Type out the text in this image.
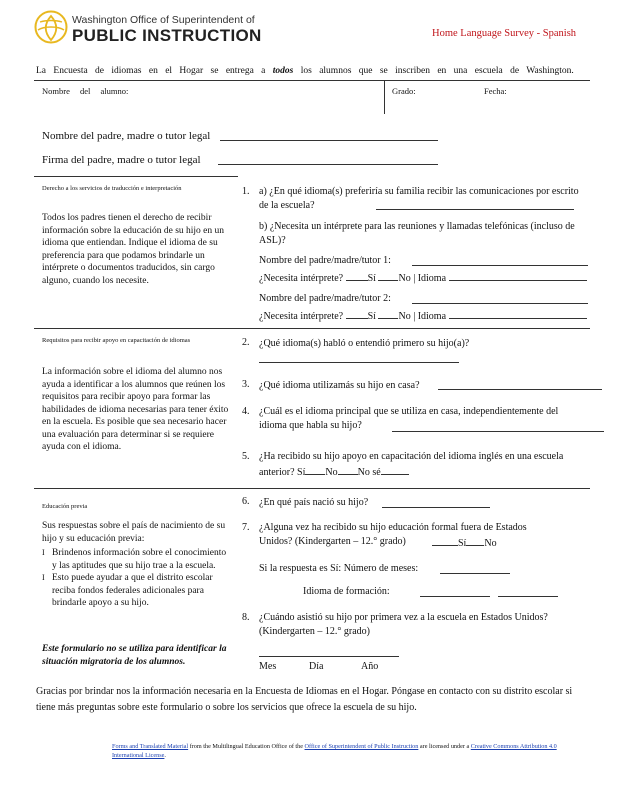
Washington Office of Superintendent of
PUBLIC INSTRUCTION	Home Language Survey - Spanish
La Encuesta de idiomas en el Hogar se entrega a todos los alumnos que se inscriben en una escuela de Washington.
Nombre del alumno:	Grado:	Fecha:
Nombre del padre, madre o tutor legal
Firma del padre, madre o tutor legal
Derecho a los servicios de traducción e interpretación
Todos los padres tienen el derecho de recibir información sobre la educación de su hijo en un idioma que entiendan. Indique el idioma de su preferencia para que podamos brindarle un intérprete o documentos traducidos, sin cargo alguno, cuando los necesite.
1. a) ¿En qué idioma(s) preferiría su familia recibir las comunicaciones por escrito de la escuela?
b) ¿Necesita un intérprete para las reuniones y llamadas telefónicas (incluso de ASL)?
Nombre del padre/madre/tutor 1:
¿Necesita intérprete? Sí No | Idioma
Nombre del padre/madre/tutor 2:
¿Necesita intérprete? Sí No | Idioma
Requisitos para recibir apoyo en capacitación de idiomas
La información sobre el idioma del alumno nos ayuda a identificar a los alumnos que reúnen los requisitos para recibir apoyo para formar las habilidades de idioma necesarias para tener éxito en la escuela. Es posible que sea necesario hacer una evaluación para determinar si se requiere ayuda con el idioma.
2. ¿Qué idioma(s) habló o entendió primero su hijo(a)?
3. ¿Qué idioma utilizamás su hijo en casa?
4. ¿Cuál es el idioma principal que se utiliza en casa, independientemente del idioma que habla su hijo?
5. ¿Ha recibido su hijo apoyo en capacitación del idioma inglés en una escuela anterior? Sí No No sé
Educación previa
Sus respuestas sobre el país de nacimiento de su hijo y su educación previa:
I Brindenos información sobre el conocimiento y las aptitudes que su hijo trae a la escuela.
I Esto puede ayudar a que el distrito escolar reciba fondos federales adicionales para brindarle apoyo a su hijo.
Este formulario no se utiliza para identificar la situación migratoria de los alumnos.
6. ¿En qué país nació su hijo?
7. ¿Alguna vez ha recibido su hijo educación formal fuera de Estados Unidos? (Kindergarten – 12.° grado)	Sí No
Si la respuesta es Sí: Número de meses:
Idioma de formación:
8. ¿Cuándo asistió su hijo por primera vez a la escuela en Estados Unidos? (Kindergarten – 12.° grado)
Mes	Día	Año
Gracias por brindar nos la información necesaria en la Encuesta de Idiomas en el Hogar. Póngase en contacto con su distrito escolar si tiene más preguntas sobre este formulario o sobre los servicios que ofrece la escuela de su hijo.
Forms and Translated Material from the Multilingual Education Office of the Office of Superintendent of Public Instruction are licensed under a Creative Commons Attribution 4.0 International License.
